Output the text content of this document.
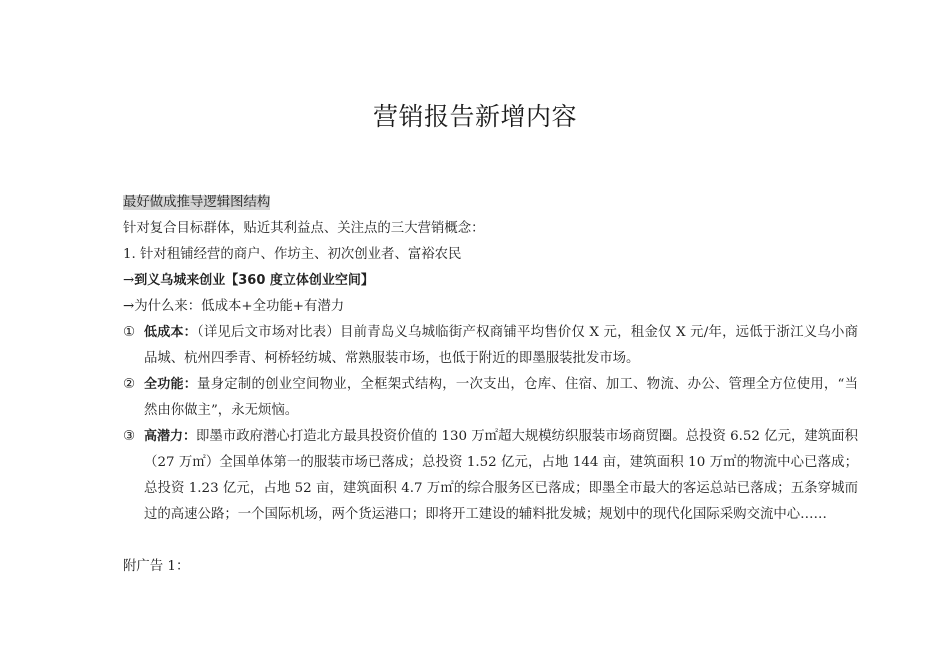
营销报告新增内容
最好做成推导逻辑图结构
针对复合目标群体，贴近其利益点、关注点的三大营销概念：
1. 针对租铺经营的商户、作坊主、初次创业者、富裕农民
→到义乌城来创业【360 度立体创业空间】
→为什么来：低成本+全功能+有潜力
① 低成本：（详见后文市场对比表）目前青岛义乌城临街产权商铺平均售价仅 X 元，租金仅 X 元/年，远低于浙江义乌小商品城、杭州四季青、柯桥轻纺城、常熟服装市场，也低于附近的即墨服装批发市场。
② 全功能：量身定制的创业空间物业，全框架式结构，一次支出，仓库、住宿、加工、物流、办公、管理全方位使用，“当然由你做主”，永无烦恼。
③ 高潜力：即墨市政府潜心打造北方最具投资价值的 130 万㎡超大规模纺织服装市场商贸圈。总投资 6.52 亿元，建筑面积（27 万㎡）全国单体第一的服装市场已落成；总投资 1.52 亿元，占地 144 亩，建筑面积 10 万㎡的物流中心已落成；总投资 1.23 亿元，占地 52 亩，建筑面积 4.7 万㎡的综合服务区已落成；即墨全市最大的客运总站已落成；五条穿城而过的高速公路；一个国际机场，两个货运港口；即将开工建设的辅料批发城；规划中的现代化国际采购交流中心……
附广告 1：
